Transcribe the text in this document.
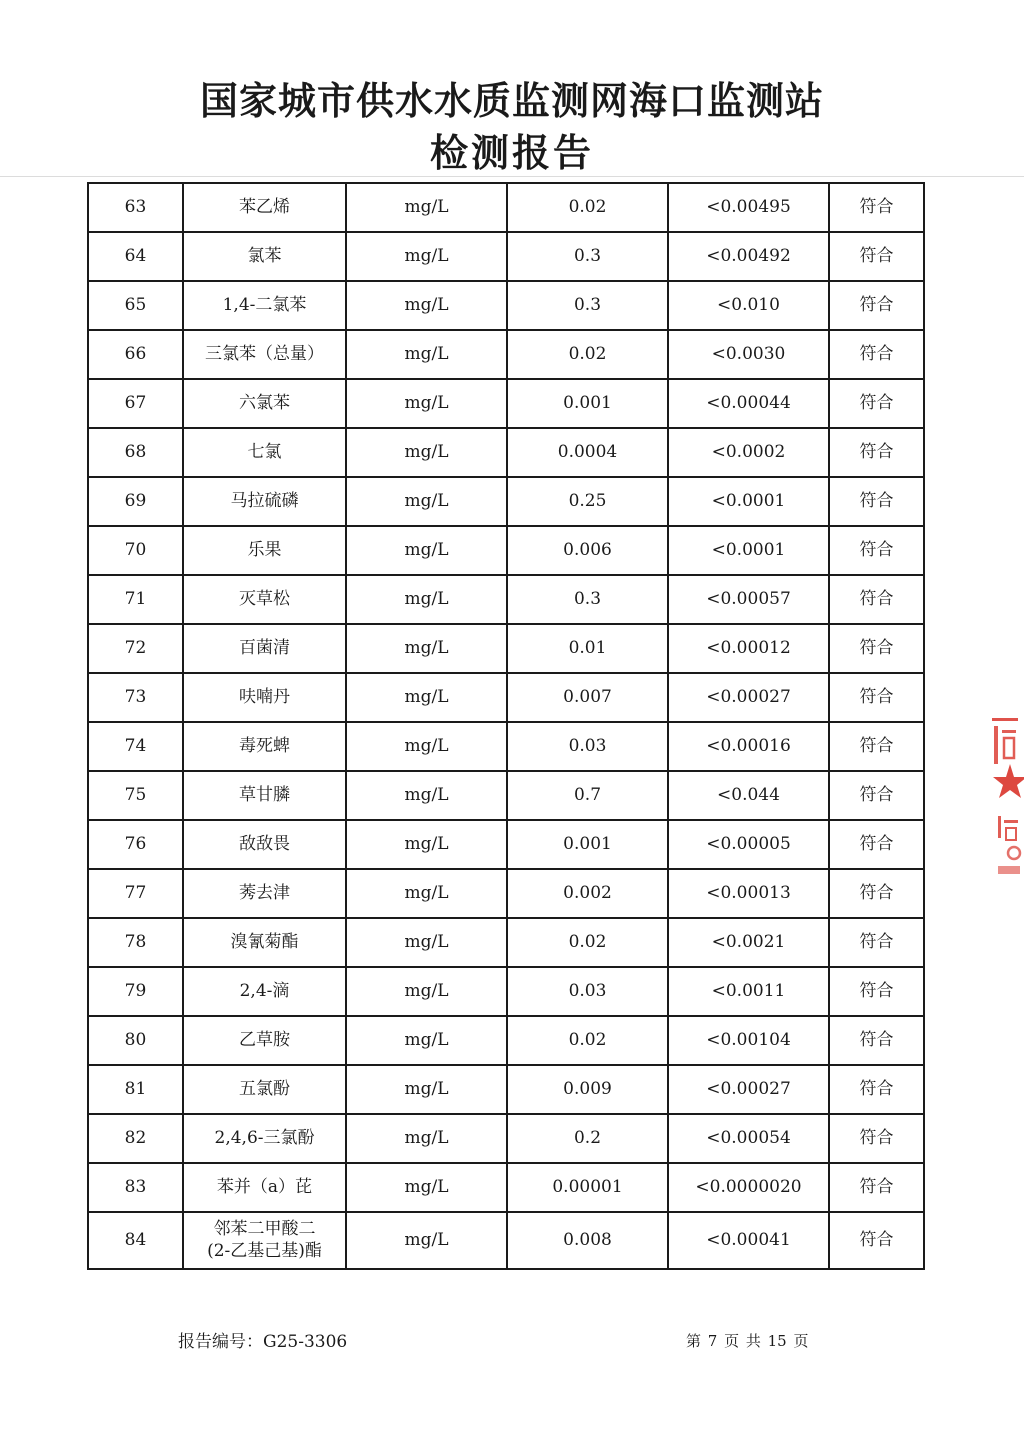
国家城市供水水质监测网海口监测站
检测报告
63	苯乙烯	mg/L	0.02	<0.00495	符合
64	氯苯	mg/L	0.3	<0.00492	符合
65	1,4-二氯苯	mg/L	0.3	<0.010	符合
66	三氯苯（总量）	mg/L	0.02	<0.0030	符合
67	六氯苯	mg/L	0.001	<0.00044	符合
68	七氯	mg/L	0.0004	<0.0002	符合
69	马拉硫磷	mg/L	0.25	<0.0001	符合
70	乐果	mg/L	0.006	<0.0001	符合
71	灭草松	mg/L	0.3	<0.00057	符合
72	百菌清	mg/L	0.01	<0.00012	符合
73	呋喃丹	mg/L	0.007	<0.00027	符合
74	毒死蜱	mg/L	0.03	<0.00016	符合
75	草甘膦	mg/L	0.7	<0.044	符合
76	敌敌畏	mg/L	0.001	<0.00005	符合
77	莠去津	mg/L	0.002	<0.00013	符合
78	溴氰菊酯	mg/L	0.02	<0.0021	符合
79	2,4-滴	mg/L	0.03	<0.0011	符合
80	乙草胺	mg/L	0.02	<0.00104	符合
81	五氯酚	mg/L	0.009	<0.00027	符合
82	2,4,6-三氯酚	mg/L	0.2	<0.00054	符合
83	苯并（a）芘	mg/L	0.00001	<0.0000020	符合
84	邻苯二甲酸二
(2-乙基己基)酯	mg/L	0.008	<0.00041	符合
报告编号：G25-3306	第 7 页 共 15 页
